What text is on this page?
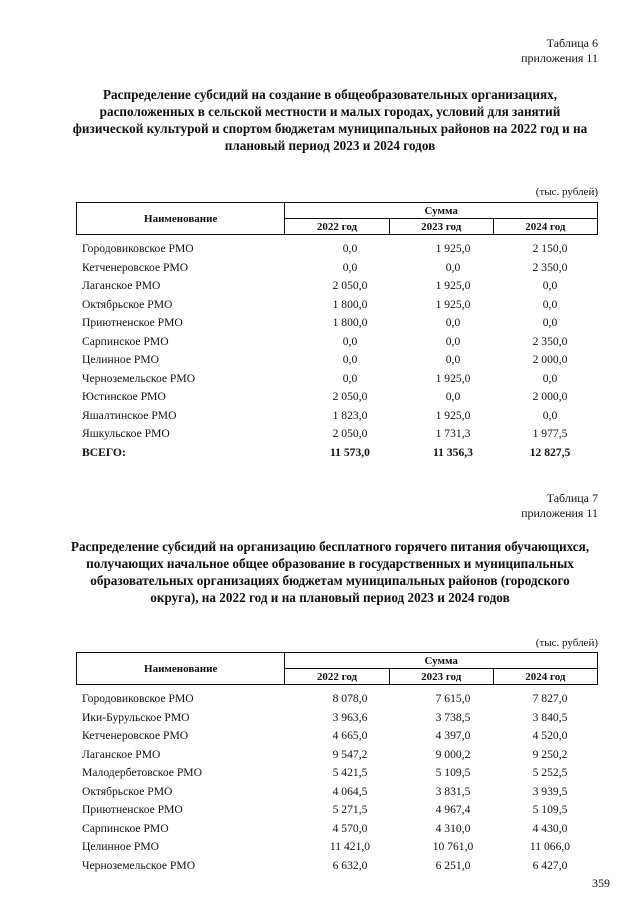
Таблица 6
приложения 11
Распределение субсидий на создание в общеобразовательных организациях, расположенных в сельской местности и малых городах, условий для занятий физической культурой и спортом бюджетам муниципальных районов на 2022 год и на плановый период 2023 и 2024 годов
(тыс. рублей)
Наименование	Сумма		
	2022 год	2023 год	2024 год
Городовиковское РМО	0,0	1 925,0	2 150,0
Кетченеровское РМО	0,0	0,0	2 350,0
Лаганское РМО	2 050,0	1 925,0	0,0
Октябрьское РМО	1 800,0	1 925,0	0,0
Приютненское РМО	1 800,0	0,0	0,0
Сарпинское РМО	0,0	0,0	2 350,0
Целинное РМО	0,0	0,0	2 000,0
Черноземельское РМО	0,0	1 925,0	0,0
Юстинское РМО	2 050,0	0,0	2 000,0
Яшалтинское РМО	1 823,0	1 925,0	0,0
Яшкульское РМО	2 050,0	1 731,3	1 977,5
ВСЕГО:	11 573,0	11 356,3	12 827,5
Таблица 7
приложения 11
Распределение субсидий на организацию бесплатного горячего питания обучающихся, получающих начальное общее образование в государственных и муниципальных образовательных организациях бюджетам муниципальных районов (городского округа), на 2022 год и на плановый период 2023 и 2024 годов
(тыс. рублей)
Наименование	Сумма		
	2022 год	2023 год	2024 год
Городовиковское РМО	8 078,0	7 615,0	7 827,0
Ики-Бурульское РМО	3 963,6	3 738,5	3 840,5
Кетченеровское РМО	4 665,0	4 397,0	4 520,0
Лаганское РМО	9 547,2	9 000,2	9 250,2
Малодербетовское РМО	5 421,5	5 109,5	5 252,5
Октябрьское РМО	4 064,5	3 831,5	3 939,5
Приютненское РМО	5 271,5	4 967,4	5 109,5
Сарпинское РМО	4 570,0	4 310,0	4 430,0
Целинное РМО	11 421,0	10 761,0	11 066,0
Черноземельское РМО	6 632,0	6 251,0	6 427,0
359
